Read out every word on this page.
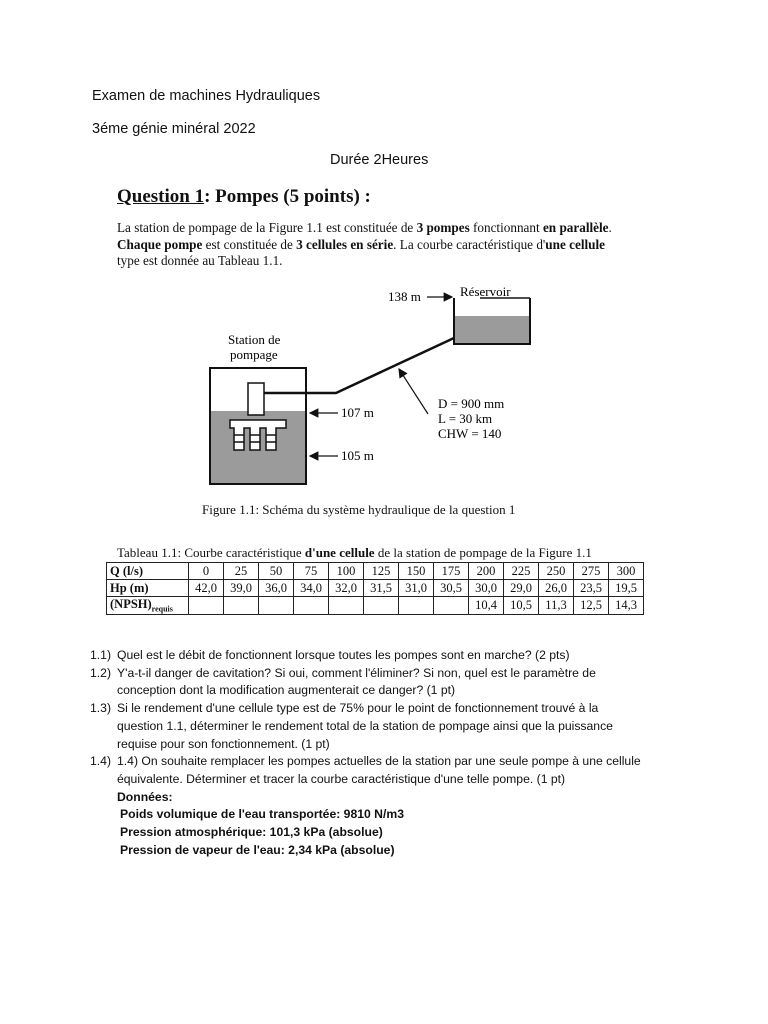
Examen de machines Hydrauliques
3éme génie minéral 2022
Durée 2Heures
Question 1: Pompes (5 points) :
La station de pompage de la Figure 1.1 est constituée de 3 pompes fonctionnant en parallèle.
Chaque pompe est constituée de 3 cellules en série. La courbe caractéristique d'une cellule
type est donnée au Tableau 1.1.
Réservoir
138 m
Station de
pompage
107 m
105 m
D = 900 mm
L = 30 km
CHW = 140
Figure 1.1: Schéma du système hydraulique de la question 1
Tableau 1.1: Courbe caractéristique d'une cellule de la station de pompage de la Figure 1.1
Q (l/s)	0	25	50	75	100	125	150	175	200	225	250	275	300
Hp (m)	42,0	39,0	36,0	34,0	32,0	31,5	31,0	30,5	30,0	29,0	26,0	23,5	19,5
$(NPSH)_{requis}$									10,4	10,5	11,3	12,5	14,3
1.1) Quel est le débit de fonctionnent lorsque toutes les pompes sont en marche? (2 pts)
1.2) Y'a-t-il danger de cavitation? Si oui, comment l'éliminer? Si non, quel est le paramètre de
conception dont la modification augmenterait ce danger? (1 pt)
1.3) Si le rendement d'une cellule type est de 75% pour le point de fonctionnement trouvé à la
question 1.1, déterminer le rendement total de la station de pompage ainsi que la puissance
requise pour son fonctionnement. (1 pt)
1.4) 1.4) On souhaite remplacer les pompes actuelles de la station par une seule pompe à une cellule
équivalente. Déterminer et tracer la courbe caractéristique d'une telle pompe. (1 pt)
Données:
Poids volumique de l'eau transportée: 9810 N/m3
Pression atmosphérique: 101,3 kPa (absolue)
Pression de vapeur de l'eau: 2,34 kPa (absolue)
